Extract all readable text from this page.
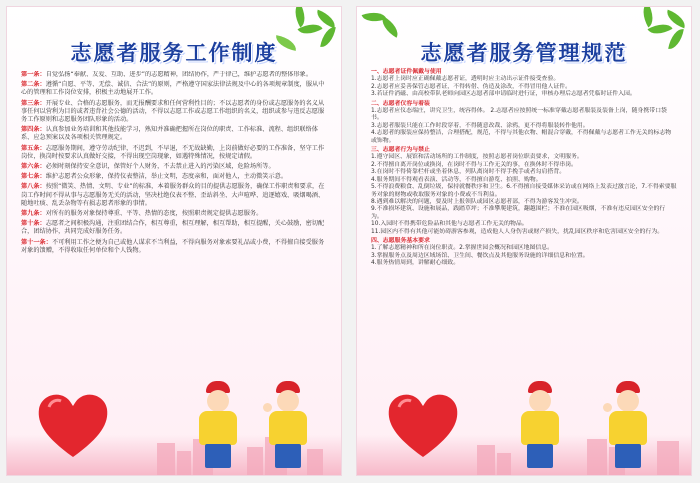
志愿者服务工作制度
第一条：自觉弘扬“奉献、友爱、互助、进步”的志愿精神，团结协作，严于律己，维护志愿者的整体形象。
第二条：遵循“自愿、平等、无偿、诚信、合法”的原则，严格遵守国家法律法规及中心的各项规章制度，服从中心的管理和工作岗位安排，积极主动地展开工作。
第三条：开展专业、合格的志愿服务，而无报酬要求和任何营利性目的；不以志愿者的身份或志愿服务的名义从事任何以营利为目的或者违背社会公德的活动，不得以志愿工作或志愿工作组织的名义，组织或参与违反志愿服务工作原则和志愿服务团队形象的活动。
第四条：认真参加业务培训和其他技能学习，熟知并准确把握所在岗位的职责、工作标准、流程、组织联络体系、应急预案以及各项相关管理规定。
第五条：志愿服务期间，遵守劳动纪律，不迟到，不早退，不无故缺勤，上岗前做好必要的工作准备，坚守工作岗位，换岗时按要求认真做好交接，不得出现空岗现象，如遇特殊情况，按规定请假。
第六条：必须时刻保持安全意识，保管好个人财务，不去禁止进入的污染区域，危险场所等。
第七条：维护志愿者公众形象，保持仪表整洁，举止文明，态度亲和，面对他人，主动微笑示意。
第八条：按照“微笑、热情、文明、专业”的标准，本着服务群众的目的提供志愿服务，确保工作职责和要求，在岗工作时间不得从事与志愿服务无关的活动，坚决杜绝仪表不整、歪站斜坐、大声喧哗、追逐嬉戏、吸烟喝酒、随地吐痰、乱丢杂物等有损志愿者形象的事情。
第九条：对所有的服务对象保持尊重、平等、热情的态度，按照职责规定提供志愿服务。
第十条：志愿者之间积极沟通，注重团结合作，相互尊重，相互理解，相互帮助，相互提醒，关心鼓励，密切配合，团结协作，共同完成好服务任务。
第十一条：不可利用工作之便为自己或他人谋求不当利益，不得向服务对象索要礼品或小费，不得擅自接受服务对象的馈赠，不得收取任何单位和个人钱物。
志愿者服务管理规范
一、志愿者证件佩戴与使用
1.志愿者上岗时应正确佩戴志愿者证，透明时应主动出示证件接受查验。
2.志愿者应妥善保管志愿者证，不得转借、伪造及涂改，不得冒用他人证件。
3.若证件消磁、由高校带队老师向园区志愿者部申请临时进行证，审核办理后志愿者凭临时证件入园。
二、志愿者仪容与着装
1.志愿者应仪态端庄，讲究卫生，统容得体。 2.志愿者应按照统一标准穿戴志愿者服装及装备上岗，随身携带口袋书。
3.志愿者服装只能在工作时段穿着，不得随意改裁、涂鸦，更不得将服装转作他用。
4.志愿者的服装应保持整洁，合理搭配，规范，不得与其他衣物、帽混合穿戴，不得佩戴与志愿者工作无关的标志物或饰物。
三、志愿者行为与禁止
1.遵守园区、展馆和活动场所的工作制度，按照志愿者岗位职责要求，文明服务。
2.不得擅自离开岗位或换岗，在岗时不得与工作无关的事，在换休时不得串岗。
3.在岗时不得倚靠栏杆或坐着休息，列队离岗时不得手挽手或者勾肩搭背。
4.服务期间不得观看表演、活动等，不得擅自游览、拍照、购物。
5.不得浪费粮食、乱倒垃圾，保持就餐秩序和卫生。6.不得擅自接受媒体采访或在网络上发表过激言论，7.不得索要服务对象的财物或收取服务对象的小费或不当利益。
8.遇到难以解决的问题，要及时上报领队或园区志愿者部，不得为游客发生冲突。
9.不准损坏建筑、设施和展品，践踏草坪；不准攀爬建筑，翻越围栏；不准在园区吸烟，不准有违反园区安全的行为。
10.入园时不得携带危险品和其他与志愿者工作无关的物品。
11.园区内不得有其他可能妨碍游客参观，造成他人人身伤害或财产损失，扰乱园区秩序和危害园区安全的行为。
四、志愿服务基本要求
1.了解志愿精神和所在岗位职责。2.掌握世园会概况和园区地图信息。
3.掌握服务点及周边区域场馆、卫生间、餐饮点及其他服务设施的详细信息和位置。
4.服务热情周到，讲解耐心细致。
